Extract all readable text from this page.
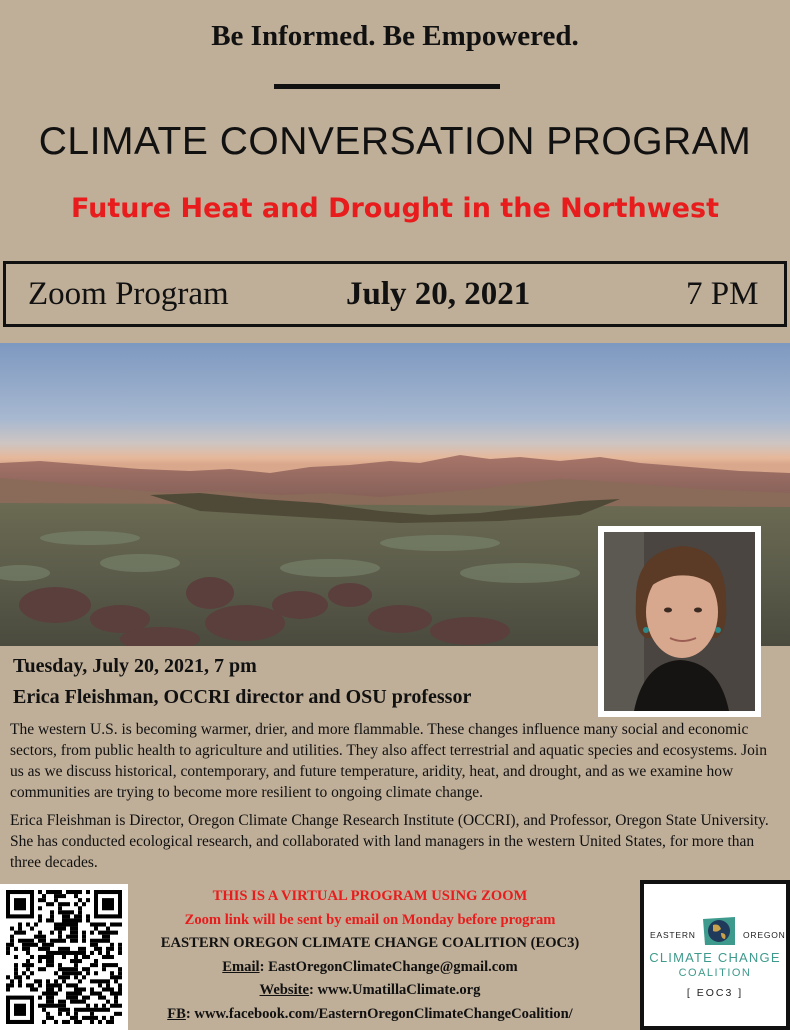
Be Informed. Be Empowered.
CLIMATE CONVERSATION PROGRAM
Future Heat and Drought in the Northwest
Zoom Program	July 20, 2021	7 PM
Tuesday, July 20, 2021, 7 pm
Erica Fleishman, OCCRI director and OSU professor

The western U.S. is becoming warmer, drier, and more flammable. These changes influence many social and economic sectors, from public health to agriculture and utilities. They also affect terrestrial and aquatic species and ecosystems. Join us as we discuss historical, contemporary, and future temperature, aridity, heat, and drought, and as we examine how communities are trying to become more resilient to ongoing climate change.

Erica Fleishman is Director, Oregon Climate Change Research Institute (OCCRI), and Professor, Oregon State University. She has conducted ecological research, and collaborated with land managers in the western United States, for more than three decades.

THIS IS A VIRTUAL PROGRAM USING ZOOM
Zoom link will be sent by email on Monday before program
EASTERN OREGON CLIMATE CHANGE COALITION (EOC3)
Email: EastOregonClimateChange@gmail.com
Website: www.UmatillaClimate.org
FB: www.facebook.com/EasternOregonClimateChangeCoalition/
EASTERN	OREGON
CLIMATE CHANGE
COALITION
[ EOC3 ]
